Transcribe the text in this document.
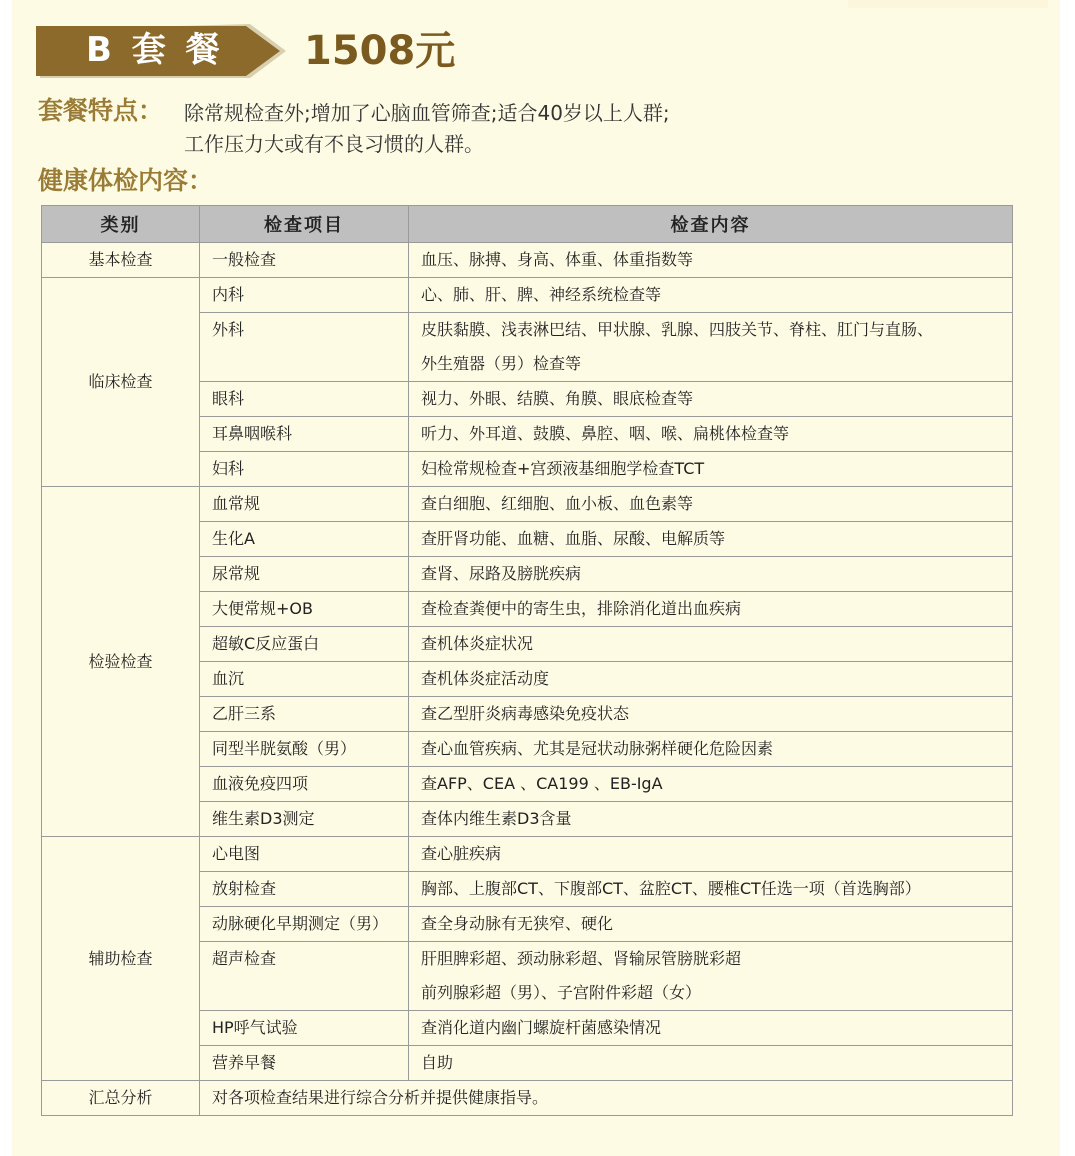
B 套 餐 1508元
套餐特点： 除常规检查外;增加了心脑血管筛查;适合40岁以上人群;
工作压力大或有不良习惯的人群。
健康体检内容：
类别	检查项目	检查内容
基本检查	一般检查	血压、脉搏、身高、体重、体重指数等

临床检查	内科	心、肺、肝、脾、神经系统检查等

	外科	皮肤黏膜、浅表淋巴结、甲状腺、乳腺、四肢关节、脊柱、肛门与直肠、
外生殖器（男）检查等

	眼科	视力、外眼、结膜、角膜、眼底检查等

	耳鼻咽喉科	听力、外耳道、鼓膜、鼻腔、咽、喉、扁桃体检查等

	妇科	妇检常规检查+宫颈液基细胞学检查TCT

检验检查	血常规	查白细胞、红细胞、血小板、血色素等

	生化A	查肝肾功能、血糖、血脂、尿酸、电解质等

	尿常规	查肾、尿路及膀胱疾病

	大便常规+OB	查检查粪便中的寄生虫，排除消化道出血疾病

	超敏C反应蛋白	查机体炎症状况

	血沉	查机体炎症活动度

	乙肝三系	查乙型肝炎病毒感染免疫状态

	同型半胱氨酸（男）	查心血管疾病、尤其是冠状动脉粥样硬化危险因素

	血液免疫四项	查AFP、CEA 、CA199 、EB-IgA

	维生素D3测定	查体内维生素D3含量

辅助检查	心电图	查心脏疾病

	放射检查	胸部、上腹部CT、下腹部CT、盆腔CT、腰椎CT任选一项（首选胸部）

	动脉硬化早期测定（男）	查全身动脉有无狭窄、硬化

	超声检查	肝胆脾彩超、颈动脉彩超、肾输尿管膀胱彩超
前列腺彩超（男）、子宫附件彩超（女）

	HP呼气试验	查消化道内幽门螺旋杆菌感染情况

	营养早餐	自助

汇总分析	对各项检查结果进行综合分析并提供健康指导。	
